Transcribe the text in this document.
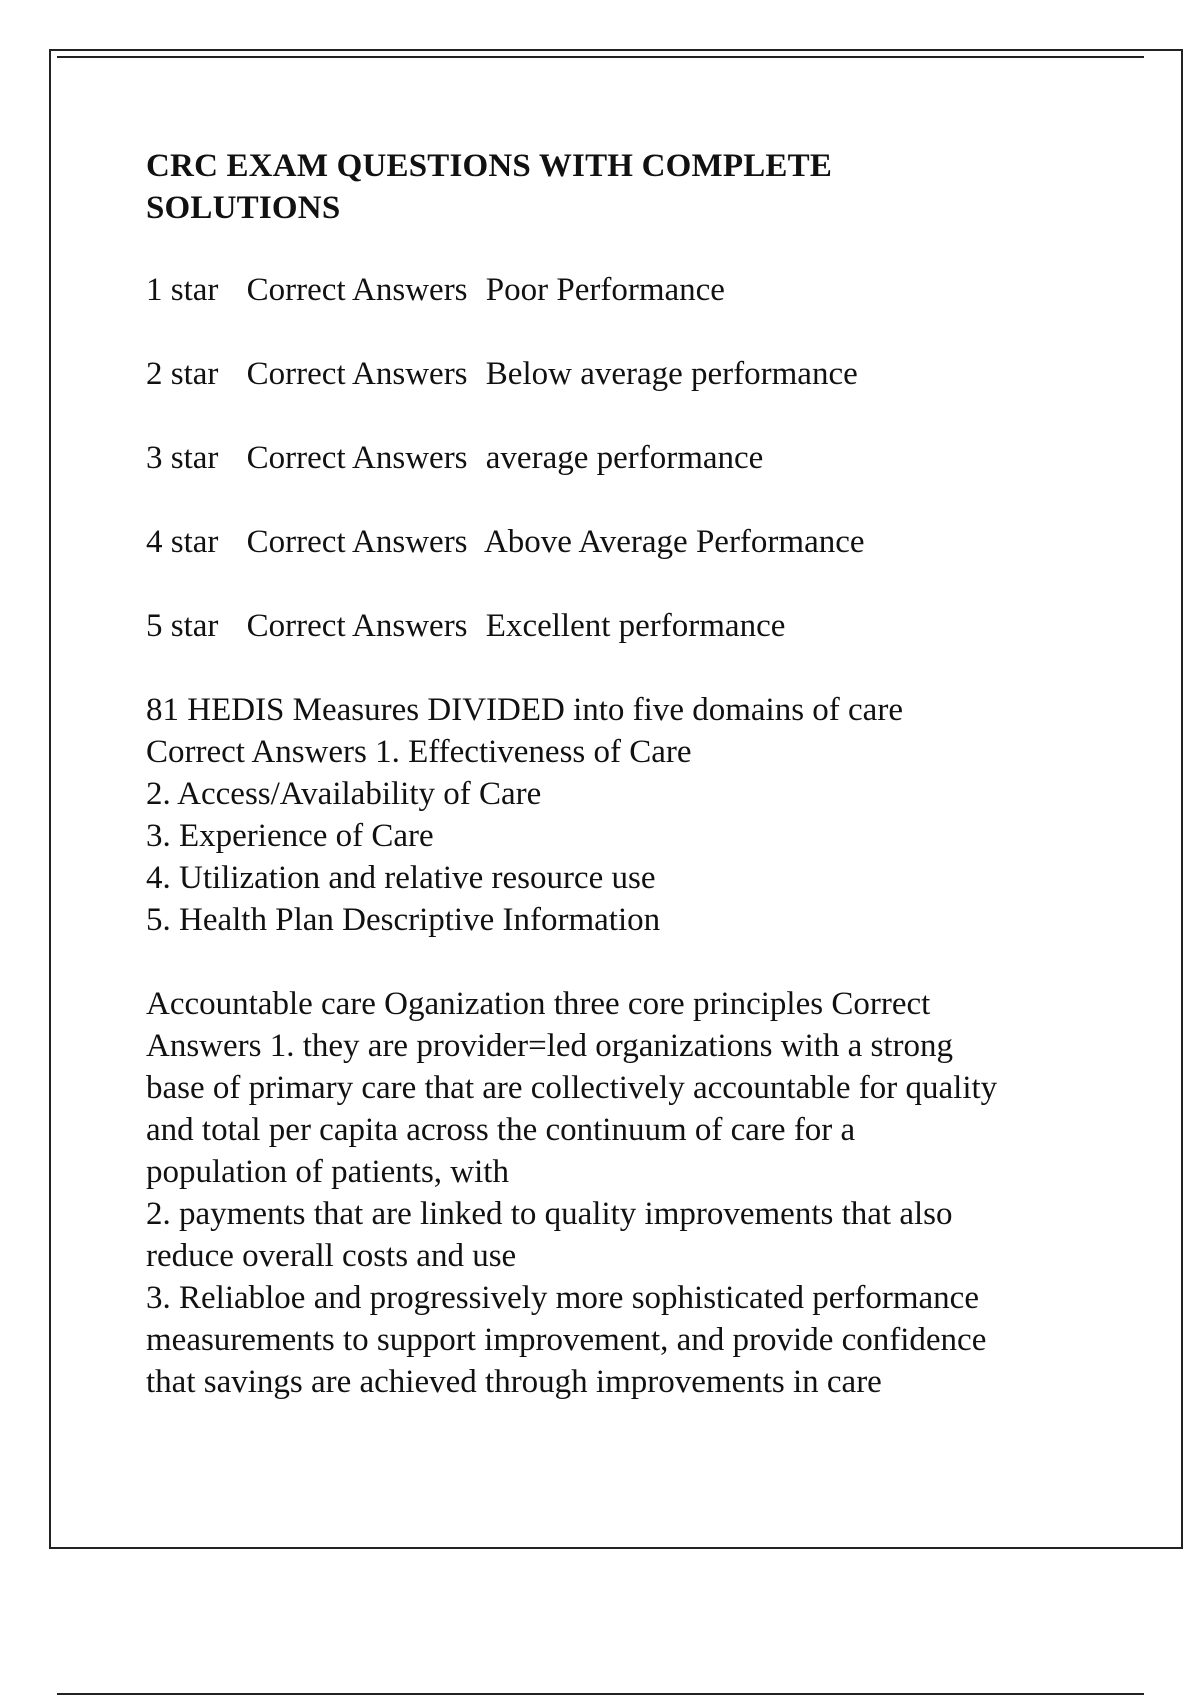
CRC EXAM QUESTIONS WITH COMPLETE
SOLUTIONS
1 star Correct Answers Poor Performance
2 star Correct Answers Below average performance
3 star Correct Answers average performance
4 star Correct Answers Above Average Performance
5 star Correct Answers Excellent performance
81 HEDIS Measures DIVIDED into five domains of care
Correct Answers 1. Effectiveness of Care
2. Access/Availability of Care
3. Experience of Care
4. Utilization and relative resource use
5. Health Plan Descriptive Information
Accountable care Oganization three core principles Correct
Answers 1. they are provider=led organizations with a strong
base of primary care that are collectively accountable for quality
and total per capita across the continuum of care for a
population of patients, with
2. payments that are linked to quality improvements that also
reduce overall costs and use
3. Reliabloe and progressively more sophisticated performance
measurements to support improvement, and provide confidence
that savings are achieved through improvements in care
